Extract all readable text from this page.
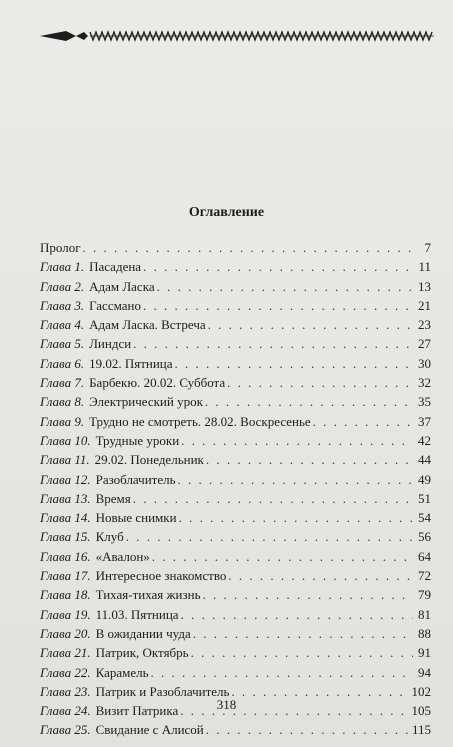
Оглавление
Пролог . . .	7
Глава 1. Пасадена . . .	11
Глава 2. Адам Ласка . . .	13
Глава 3. Гассмано . . .	21
Глава 4. Адам Ласка. Встреча . . .	23
Глава 5. Линдси . . .	27
Глава 6. 19.02. Пятница . . .	30
Глава 7. Барбекю. 20.02. Суббота . . .	32
Глава 8. Электрический урок . . .	35
Глава 9. Трудно не смотреть. 28.02. Воскресенье . . .	37
Глава 10. Трудные уроки . . .	42
Глава 11. 29.02. Понедельник . . .	44
Глава 12. Разоблачитель . . .	49
Глава 13. Время . . .	51
Глава 14. Новые снимки . . .	54
Глава 15. Клуб . . .	56
Глава 16. «Авалон» . . .	64
Глава 17. Интересное знакомство . . .	72
Глава 18. Тихая-тихая жизнь . . .	79
Глава 19. 11.03. Пятница . . .	81
Глава 20. В ожидании чуда . . .	88
Глава 21. Патрик, Октябрь . . .	91
Глава 22. Карамель . . .	94
Глава 23. Патрик и Разоблачитель . . .	102
Глава 24. Визит Патрика . . .	105
Глава 25. Свидание с Алисой . . .	115
318
